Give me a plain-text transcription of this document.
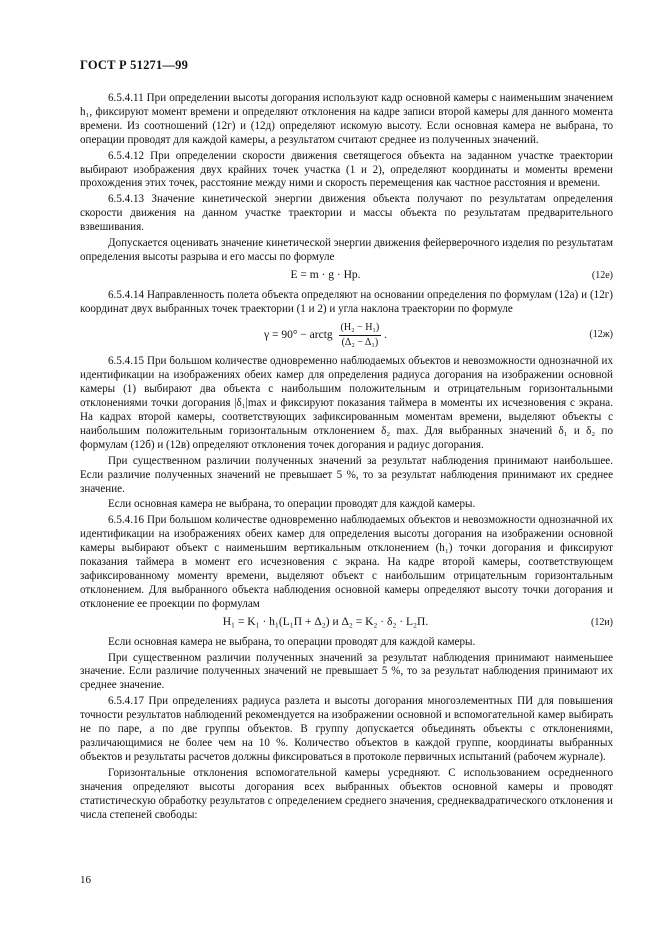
ГОСТ Р 51271—99

6.5.4.11 При определении высоты догорания используют кадр основной камеры с наименьшим значением h₁, фиксируют момент времени и определяют отклонения на кадре записи второй камеры для данного момента времени. Из соотношений (12г) и (12д) определяют искомую высоту. Если основная камера не выбрана, то операции проводят для каждой камеры, а результатом считают среднее из полученных значений.

6.5.4.12 При определении скорости движения светящегося объекта на заданном участке траектории выбирают изображения двух крайних точек участка (1 и 2), определяют координаты и моменты времени прохождения этих точек, расстояние между ними и скорость перемещения как частное расстояния и времени.

6.5.4.13 Значение кинетической энергии движения объекта получают по результатам определения скорости движения на данном участке траектории и массы объекта по результатам предварительного взвешивания.

Допускается оценивать значение кинетической энергии движения фейерверочного изделия по результатам определения высоты разрыва и его массы по формуле

E = m · g · Hр.	(12е)

6.5.4.14 Направленность полета объекта определяют на основании определения по формулам (12а) и (12г) координат двух выбранных точек траектории (1 и 2) и угла наклона траектории по формуле

γ = 90° − arctg $\frac{\text{(H₂ − H₁)}}{\text{(Δ₂ − Δ₁)}}$ .	(12ж)

6.5.4.15 При большом количестве одновременно наблюдаемых объектов и невозможности однозначной их идентификации на изображениях обеих камер для определения радиуса догорания на изображении основной камеры (1) выбирают два объекта с наибольшим положительным и отрицательным горизонтальными отклонениями точки догорания |δ₁|max и фиксируют показания таймера в моменты их исчезновения с экрана. На кадрах второй камеры, соответствующих зафиксированным моментам времени, выделяют объекты с наибольшим положительным горизонтальным отклонением δ₂ max. Для выбранных значений δ₁ и δ₂ по формулам (12б) и (12в) определяют отклонения точек догорания и радиус догорания.

При существенном различии полученных значений за результат наблюдения принимают наибольшее. Если различие полученных значений не превышает 5 %, то за результат наблюдения принимают их среднее значение.

Если основная камера не выбрана, то операции проводят для каждой камеры.

6.5.4.16 При большом количестве одновременно наблюдаемых объектов и невозможности однозначной их идентификации на изображениях обеих камер для определения высоты догорания на изображении основной камеры выбирают объект с наименьшим вертикальным отклонением (h₁) точки догорания и фиксируют показания таймера в момент его исчезновения с экрана. На кадре второй камеры, соответствующем зафиксированному моменту времени, выделяют объект с наибольшим отрицательным горизонтальным отклонением. Для выбранного объекта наблюдения основной камеры определяют высоту точки догорания и отклонение ее проекции по формулам

H₁ = K₁ · h₁(L₁П + Δ₂) и Δ₂ = K₂ · δ₂ · L₂П.	(12и)

Если основная камера не выбрана, то операции проводят для каждой камеры.

При существенном различии полученных значений за результат наблюдения принимают наименьшее значение. Если различие полученных значений не превышает 5 %, то за результат наблюдения принимают их среднее значение.

6.5.4.17 При определениях радиуса разлета и высоты догорания многоэлементных ПИ для повышения точности результатов наблюдений рекомендуется на изображении основной и вспомогательной камер выбирать не по паре, а по две группы объектов. В группу допускается объединять объекты с отклонениями, различающимися не более чем на 10 %. Количество объектов в каждой группе, координаты выбранных объектов и результаты расчетов должны фиксироваться в протоколе первичных испытаний (рабочем журнале).

Горизонтальные отклонения вспомогательной камеры усредняют. С использованием осредненного значения определяют высоты догорания всех выбранных объектов основной камеры и проводят статистическую обработку результатов с определением среднего значения, среднеквадратического отклонения и числа степеней свободы:

16
